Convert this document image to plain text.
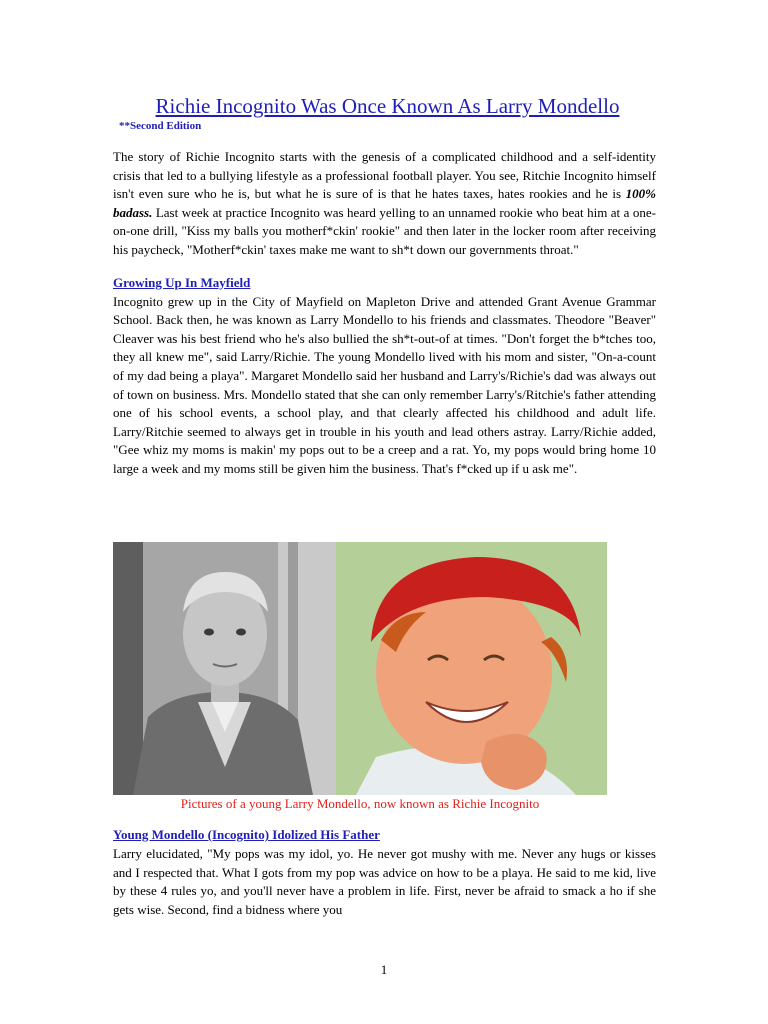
Richie Incognito Was Once Known As Larry Mondello
**Second Edition

The story of Richie Incognito starts with the genesis of a complicated childhood and a self-identity crisis that led to a bullying lifestyle as a professional football player. You see, Ritchie Incognito himself isn't even sure who he is, but what he is sure of is that he hates taxes, hates rookies and he is 100% badass. Last week at practice Incognito was heard yelling to an unnamed rookie who beat him at a one-on-one drill, "Kiss my balls you motherf*ckin' rookie" and then later in the locker room after receiving his paycheck, "Motherf*ckin' taxes make me want to sh*t down our governments throat."

Growing Up In Mayfield

Incognito grew up in the City of Mayfield on Mapleton Drive and attended Grant Avenue Grammar School. Back then, he was known as Larry Mondello to his friends and classmates. Theodore "Beaver" Cleaver was his best friend who he's also bullied the sh*t-out-of at times. "Don't forget the b*tches too, they all knew me", said Larry/Richie. The young Mondello lived with his mom and sister, "On-a-count of my dad being a playa". Margaret Mondello said her husband and Larry's/Richie's dad was always out of town on business. Mrs. Mondello stated that she can only remember Larry's/Ritchie's father attending one of his school events, a school play, and that clearly affected his childhood and adult life. Larry/Ritchie seemed to always get in trouble in his youth and lead others astray. Larry/Richie added, "Gee whiz my moms is makin' my pops out to be a creep and a rat. Yo, my pops would bring home 10 large a week and my moms still be given him the business. That's f*cked up if u ask me".

Pictures of a young Larry Mondello, now known as Richie Incognito
Young Mondello (Incognito) Idolized His Father

Larry elucidated, "My pops was my idol, yo. He never got mushy with me. Never any hugs or kisses and I respected that. What I gots from my pop was advice on how to be a playa. He said to me kid, live by these 4 rules yo, and you'll never have a problem in life. First, never be afraid to smack a ho if she gets wise. Second, find a bidness where you

1
